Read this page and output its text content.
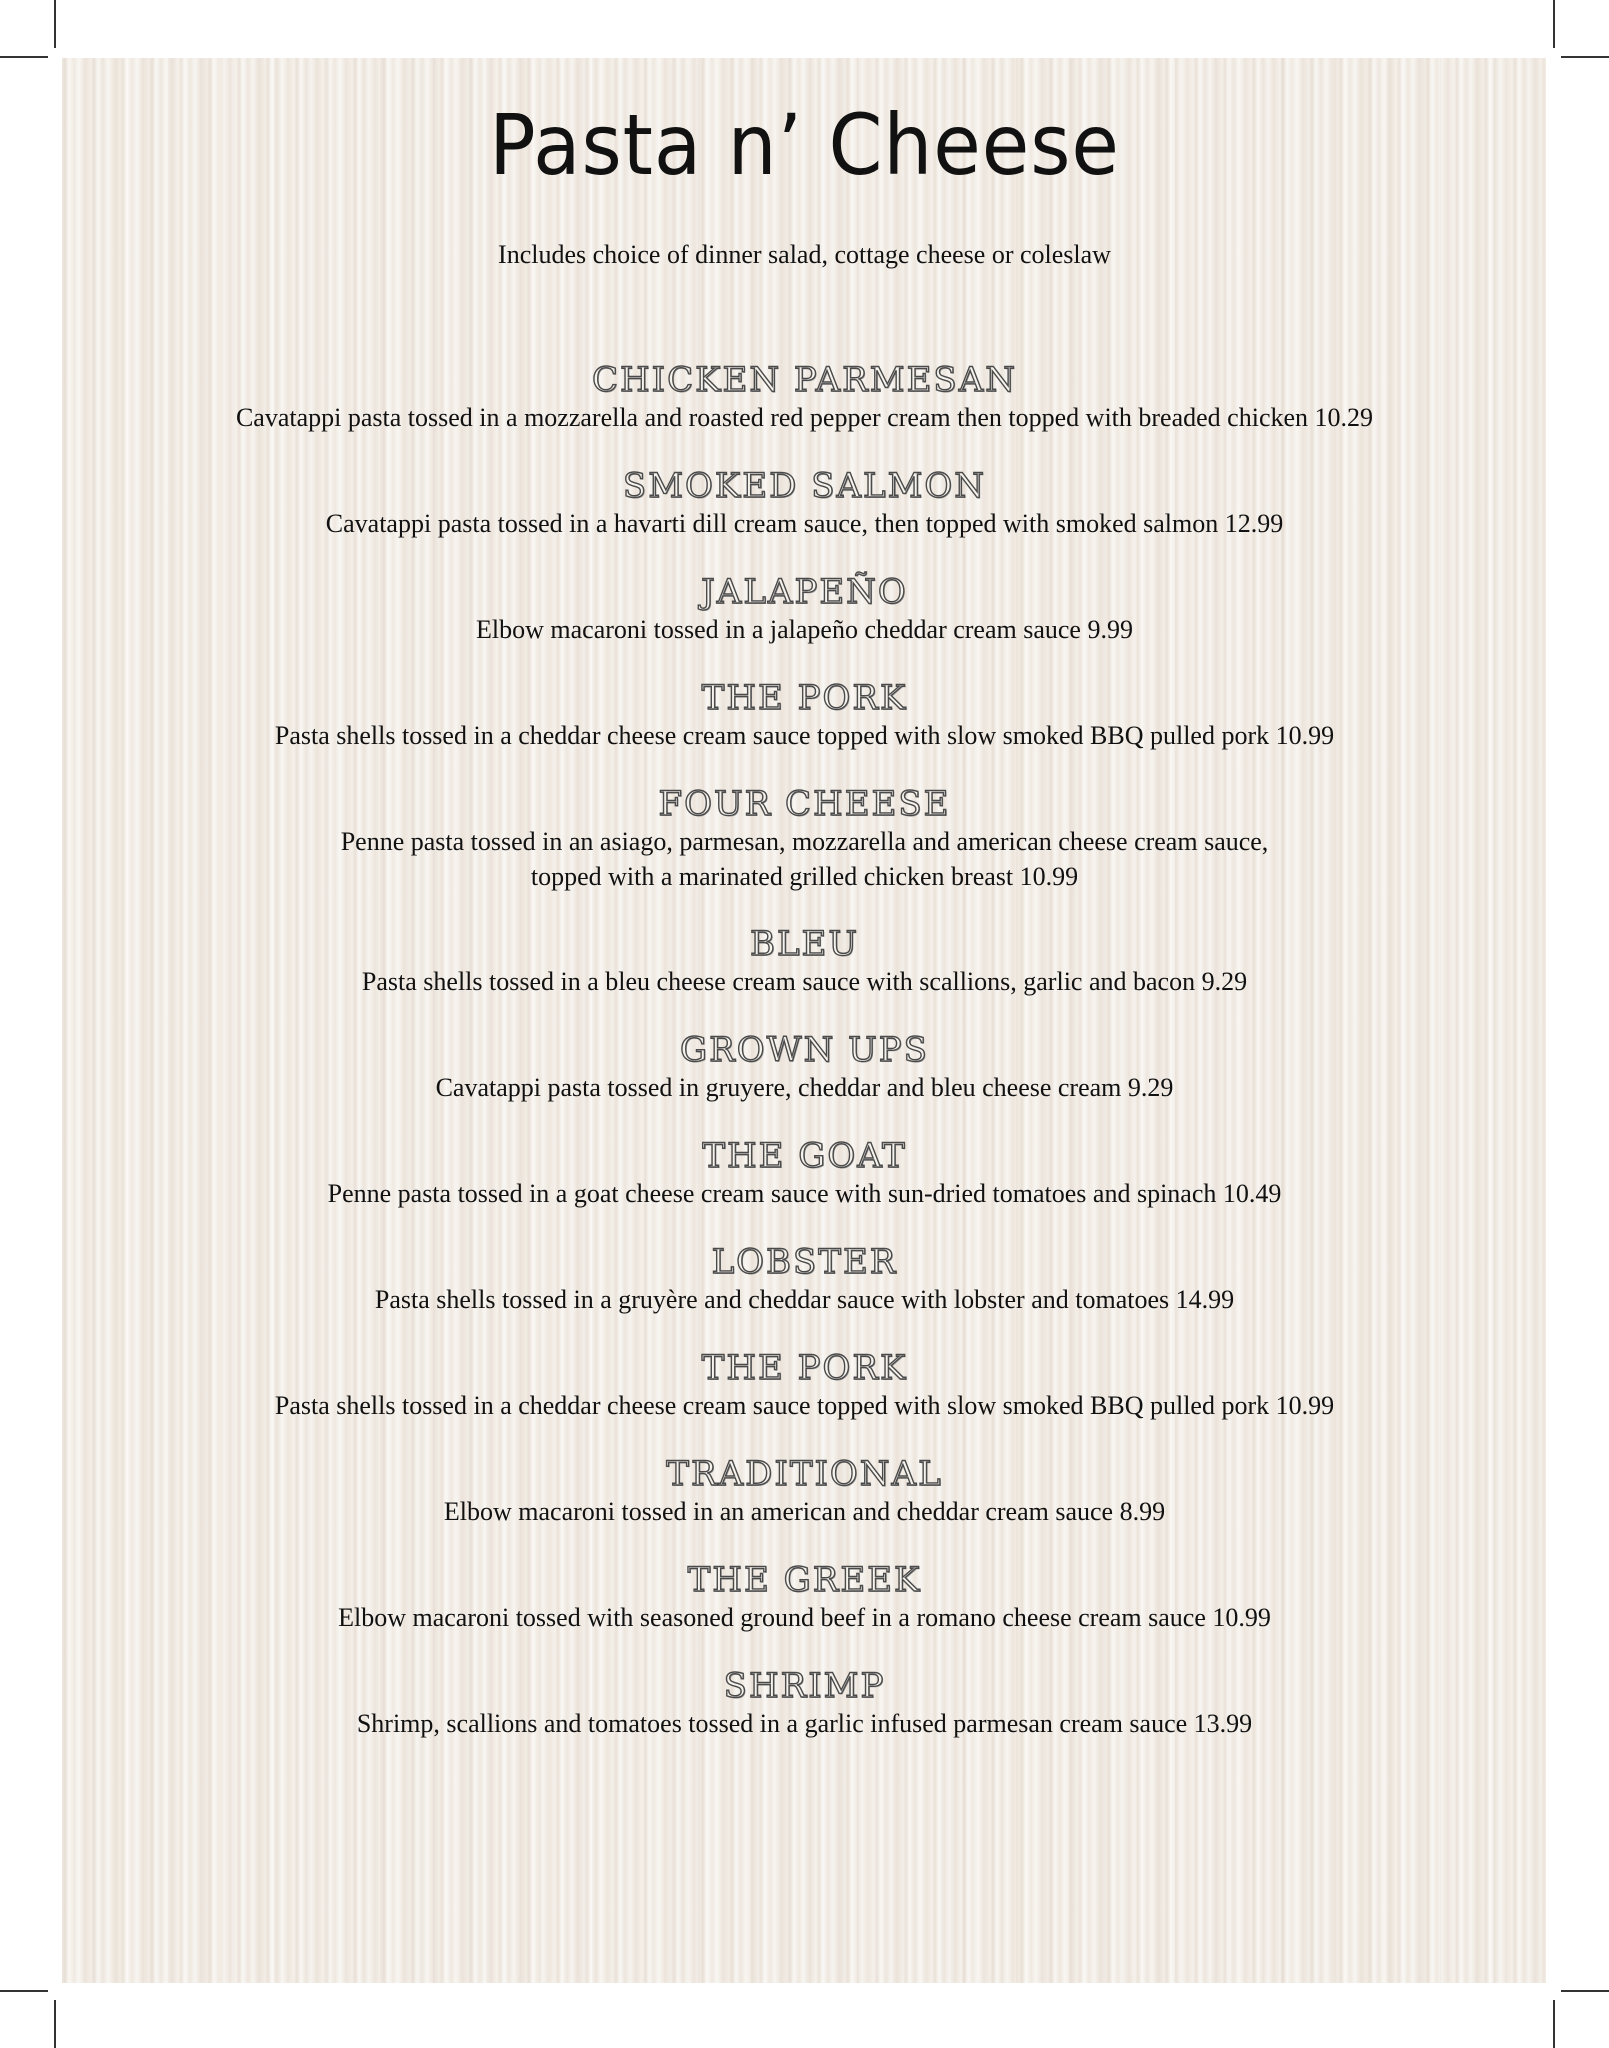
Pasta n’ Cheese
Includes choice of dinner salad, cottage cheese or coleslaw
CHICKEN PARMESAN
Cavatappi pasta tossed in a mozzarella and roasted red pepper cream then topped with breaded chicken 10.29
SMOKED SALMON
Cavatappi pasta tossed in a havarti dill cream sauce, then topped with smoked salmon 12.99
JALAPEÑO
Elbow macaroni tossed in a jalapeño cheddar cream sauce 9.99
THE PORK
Pasta shells tossed in a cheddar cheese cream sauce topped with slow smoked BBQ pulled pork 10.99
FOUR CHEESE
Penne pasta tossed in an asiago, parmesan, mozzarella and american cheese cream sauce,
topped with a marinated grilled chicken breast 10.99
BLEU
Pasta shells tossed in a bleu cheese cream sauce with scallions, garlic and bacon 9.29
GROWN UPS
Cavatappi pasta tossed in gruyere, cheddar and bleu cheese cream 9.29
THE GOAT
Penne pasta tossed in a goat cheese cream sauce with sun-dried tomatoes and spinach 10.49
LOBSTER
Pasta shells tossed in a gruyère and cheddar sauce with lobster and tomatoes 14.99
THE PORK
Pasta shells tossed in a cheddar cheese cream sauce topped with slow smoked BBQ pulled pork 10.99
TRADITIONAL
Elbow macaroni tossed in an american and cheddar cream sauce 8.99
THE GREEK
Elbow macaroni tossed with seasoned ground beef in a romano cheese cream sauce 10.99
SHRIMP
Shrimp, scallions and tomatoes tossed in a garlic infused parmesan cream sauce 13.99
